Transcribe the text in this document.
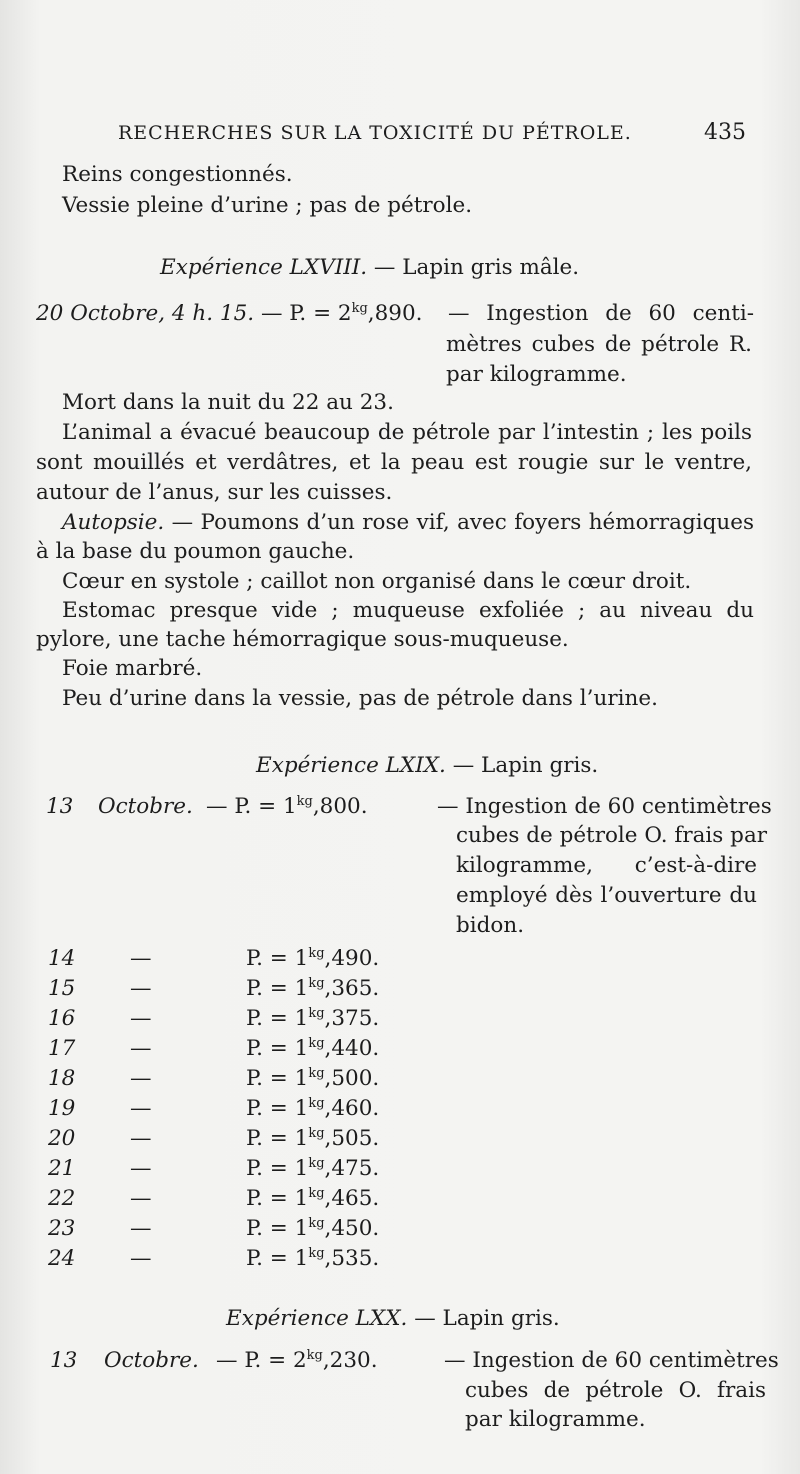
RECHERCHES SUR LA TOXICITÉ DU PÉTROLE.	435
Reins congestionnés.
Vessie pleine d’urine ; pas de pétrole.
Expérience LXVIII. — Lapin gris mâle.
20 Octobre, 4 h. 15. — P. = $2^{kg},890$. — Ingestion de 60 centi-
mètres cubes de pétrole R.
par kilogramme.
Mort dans la nuit du 22 au 23.
L’animal a évacué beaucoup de pétrole par l’intestin ; les poils
sont mouillés et verdâtres, et la peau est rougie sur le ventre,
autour de l’anus, sur les cuisses.
Autopsie. — Poumons d’un rose vif, avec foyers hémorragiques
à la base du poumon gauche.
Cœur en systole ; caillot non organisé dans le cœur droit.
Estomac presque vide ; muqueuse exfoliée ; au niveau du
pylore, une tache hémorragique sous-muqueuse.
Foie marbré.
Peu d’urine dans la vessie, pas de pétrole dans l’urine.
Expérience LXIX. — Lapin gris.
13 Octobre. — P. = $1^{kg},800$.	— Ingestion de 60 centimètres
cubes de pétrole O. frais par
kilogramme, c’est-à-dire
employé dès l’ouverture du
bidon.
14	—	P. = $1^{kg},490$.
15	—	P. = $1^{kg},365$.
16	—	P. = $1^{kg},375$.
17	—	P. = $1^{kg},440$.
18	—	P. = $1^{kg},500$.
19	—	P. = $1^{kg},460$.
20	—	P. = $1^{kg},505$.
21	—	P. = $1^{kg},475$.
22	—	P. = $1^{kg},465$.
23	—	P. = $1^{kg},450$.
24	—	P. = $1^{kg},535$.
Expérience LXX. — Lapin gris.
13 Octobre. — P. = $2^{kg},230$.	— Ingestion de 60 centimètres
cubes de pétrole O. frais
par kilogramme.
